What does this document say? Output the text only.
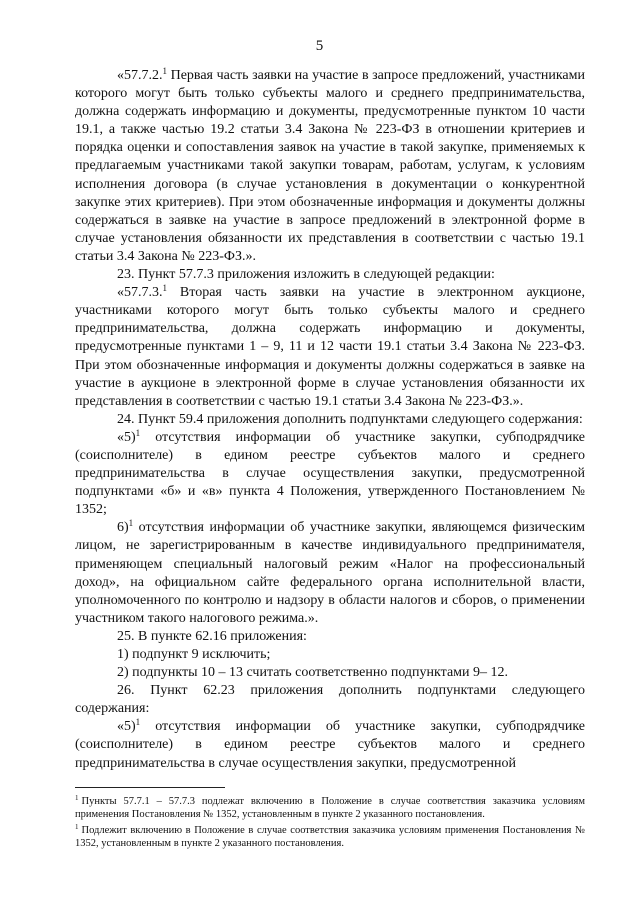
5

«57.7.2.$^1$ Первая часть заявки на участие в запросе предложений, участниками которого могут быть только субъекты малого и среднего предпринимательства, должна содержать информацию и документы, предусмотренные пунктом 10 части 19.1, а также частью 19.2 статьи 3.4 Закона № 223-ФЗ в отношении критериев и порядка оценки и сопоставления заявок на участие в такой закупке, применяемых к предлагаемым участниками такой закупки товарам, работам, услугам, к условиям исполнения договора (в случае установления в документации о конкурентной закупке этих критериев). При этом обозначенные информация и документы должны содержаться в заявке на участие в запросе предложений в электронной форме в случае установления обязанности их представления в соответствии с частью 19.1 статьи 3.4 Закона № 223-ФЗ.».

23. Пункт 57.7.3 приложения изложить в следующей редакции:

«57.7.3.$^1$ Вторая часть заявки на участие в электронном аукционе, участниками которого могут быть только субъекты малого и среднего предпринимательства, должна содержать информацию и документы, предусмотренные пунктами 1 – 9, 11 и 12 части 19.1 статьи 3.4 Закона № 223-ФЗ. При этом обозначенные информация и документы должны содержаться в заявке на участие в аукционе в электронной форме в случае установления обязанности их представления в соответствии с частью 19.1 статьи 3.4 Закона № 223-ФЗ.».

24. Пункт 59.4 приложения дополнить подпунктами следующего содержания:

«5)$^1$ отсутствия информации об участнике закупки, субподрядчике (соисполнителе) в едином реестре субъектов малого и среднего предпринимательства в случае осуществления закупки, предусмотренной подпунктами «б» и «в» пункта 4 Положения, утвержденного Постановлением № 1352;

6)$^1$ отсутствия информации об участнике закупки, являющемся физическим лицом, не зарегистрированным в качестве индивидуального предпринимателя, применяющем специальный налоговый режим «Налог на профессиональный доход», на официальном сайте федерального органа исполнительной власти, уполномоченного по контролю и надзору в области налогов и сборов, о применении участником такого налогового режима.».

25. В пункте 62.16 приложения:

1) подпункт 9 исключить;

2) подпункты 10 – 13 считать соответственно подпунктами 9– 12.

26. Пункт 62.23 приложения дополнить подпунктами следующего содержания:

«5)$^1$ отсутствия информации об участнике закупки, субподрядчике (соисполнителе) в едином реестре субъектов малого и среднего предпринимательства в случае осуществления закупки, предусмотренной

$^1$ Пункты 57.7.1 – 57.7.3 подлежат включению в Положение в случае соответствия заказчика условиям применения Постановления № 1352, установленным в пункте 2 указанного постановления.

$^1$ Подлежит включению в Положение в случае соответствия заказчика условиям применения Постановления № 1352, установленным в пункте 2 указанного постановления.
